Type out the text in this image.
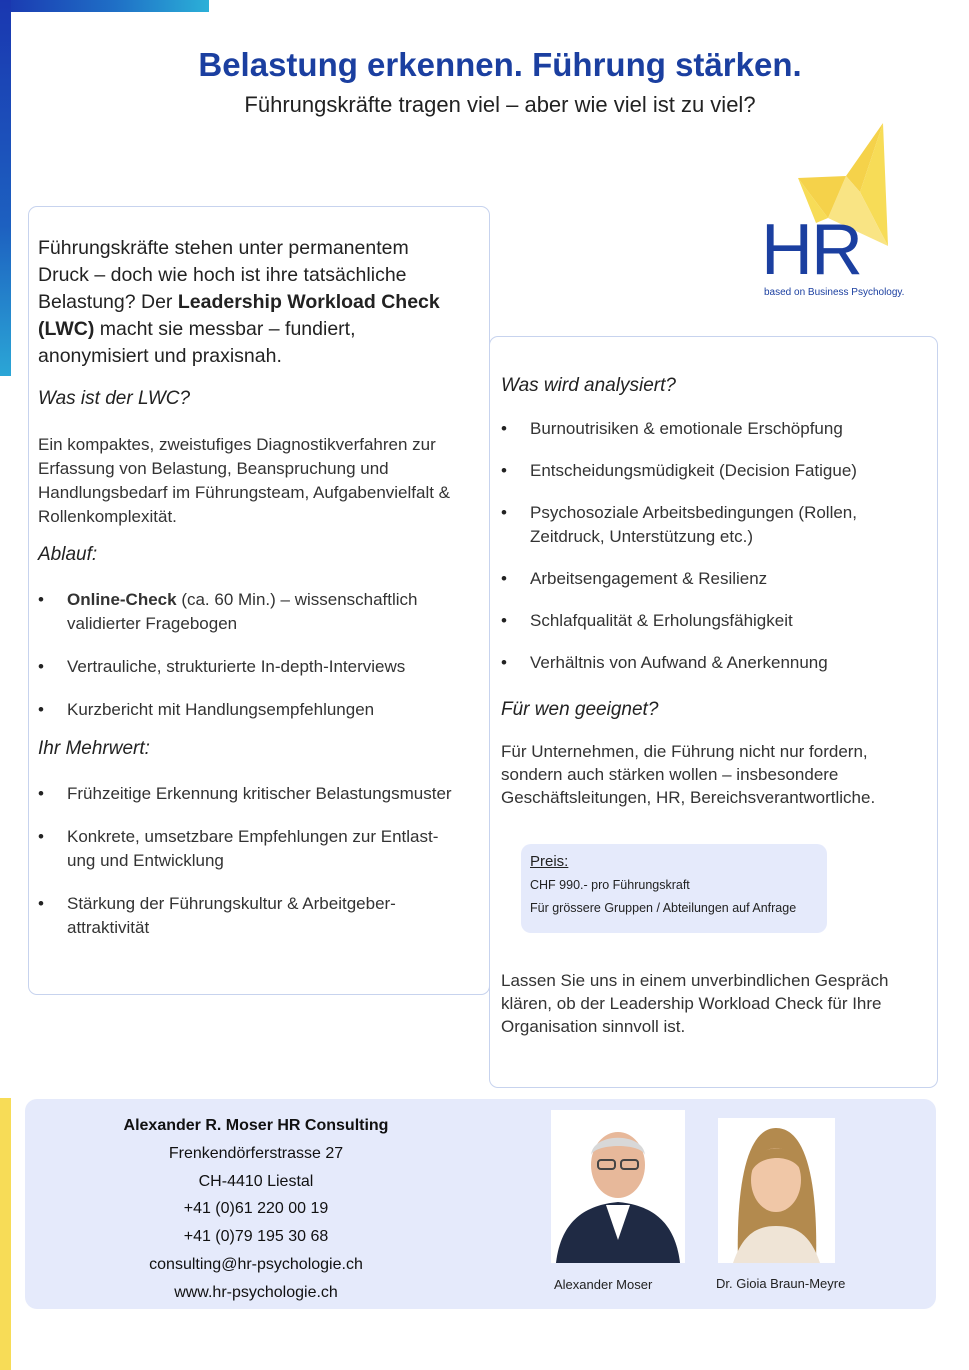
Belastung erkennen. Führung stärken.

Führungskräfte tragen viel – aber wie viel ist zu viel?

HR
based on Business Psychology.

Führungskräfte stehen unter permanentem Druck – doch wie hoch ist ihre tatsächliche Belastung? Der Leadership Workload Check (LWC) macht sie messbar – fundiert, anonymisiert und praxisnah.

Was ist der LWC?

Ein kompaktes, zweistufiges Diagnostikverfahren zur Erfassung von Belastung, Beanspruchung und Handlungsbedarf im Führungsteam, Aufgabenvielfalt & Rollenkomplexität.

Ablauf:

• Online-Check (ca. 60 Min.) – wissenschaftlich validierter Fragebogen
• Vertrauliche, strukturierte In-depth-Interviews
• Kurzbericht mit Handlungsempfehlungen

Ihr Mehrwert:

• Frühzeitige Erkennung kritischer Belastungsmuster
• Konkrete, umsetzbare Empfehlungen zur Entlast-ung und Entwicklung
• Stärkung der Führungskultur & Arbeitgeber-attraktivität

Was wird analysiert?

• Burnoutrisiken & emotionale Erschöpfung
• Entscheidungsmüdigkeit (Decision Fatigue)
• Psychosoziale Arbeitsbedingungen (Rollen, Zeitdruck, Unterstützung etc.)
• Arbeitsengagement & Resilienz
• Schlafqualität & Erholungsfähigkeit
• Verhältnis von Aufwand & Anerkennung

Für wen geeignet?

Für Unternehmen, die Führung nicht nur fordern, sondern auch stärken wollen – insbesondere Geschäftsleitungen, HR, Bereichsverantwortliche.

Preis:
CHF 990.- pro Führungskraft
Für grössere Gruppen / Abteilungen auf Anfrage

Lassen Sie uns in einem unverbindlichen Gespräch klären, ob der Leadership Workload Check für Ihre Organisation sinnvoll ist.

Alexander R. Moser HR Consulting
Frenkendörferstrasse 27
CH-4410 Liestal
+41 (0)61 220 00 19
+41 (0)79 195 30 68
consulting@hr-psychologie.ch
www.hr-psychologie.ch	Alexander Moser	Dr. Gioia Braun-Meyre
